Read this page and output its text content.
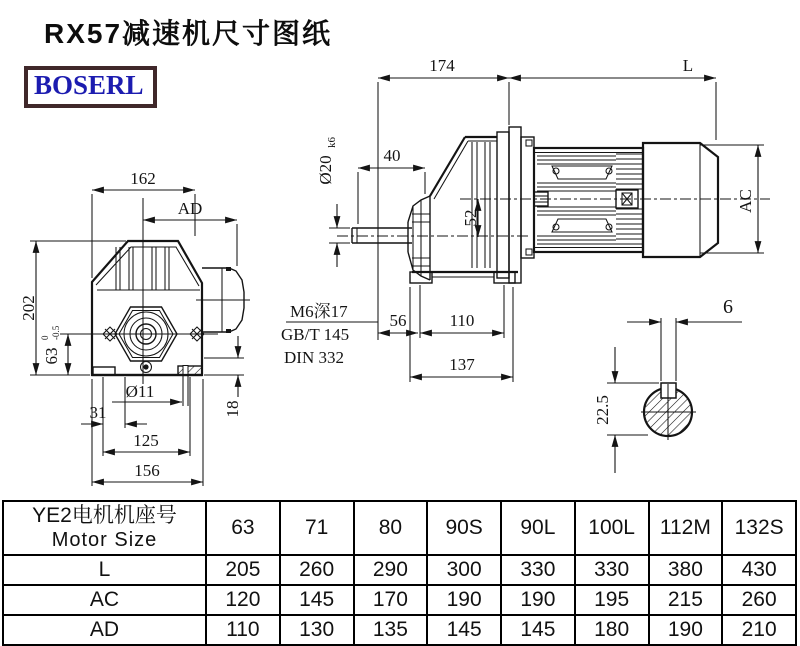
RX57减速机尺寸图纸
BOSERL
162
AD
202
63
0 -0.5
31
Ø11
125
156
18
174	L
40
Ø20
k6
52
56	110
137
M6深17
GB/T 145
DIN 332
AC
6
22.5
YE2电机机座号
Motor Size	63	71	80	90S	90L	100L	112M	132S
L	205	260	290	300	330	330	380	430
AC	120	145	170	190	190	195	215	260
AD	110	130	135	145	145	180	190	210
